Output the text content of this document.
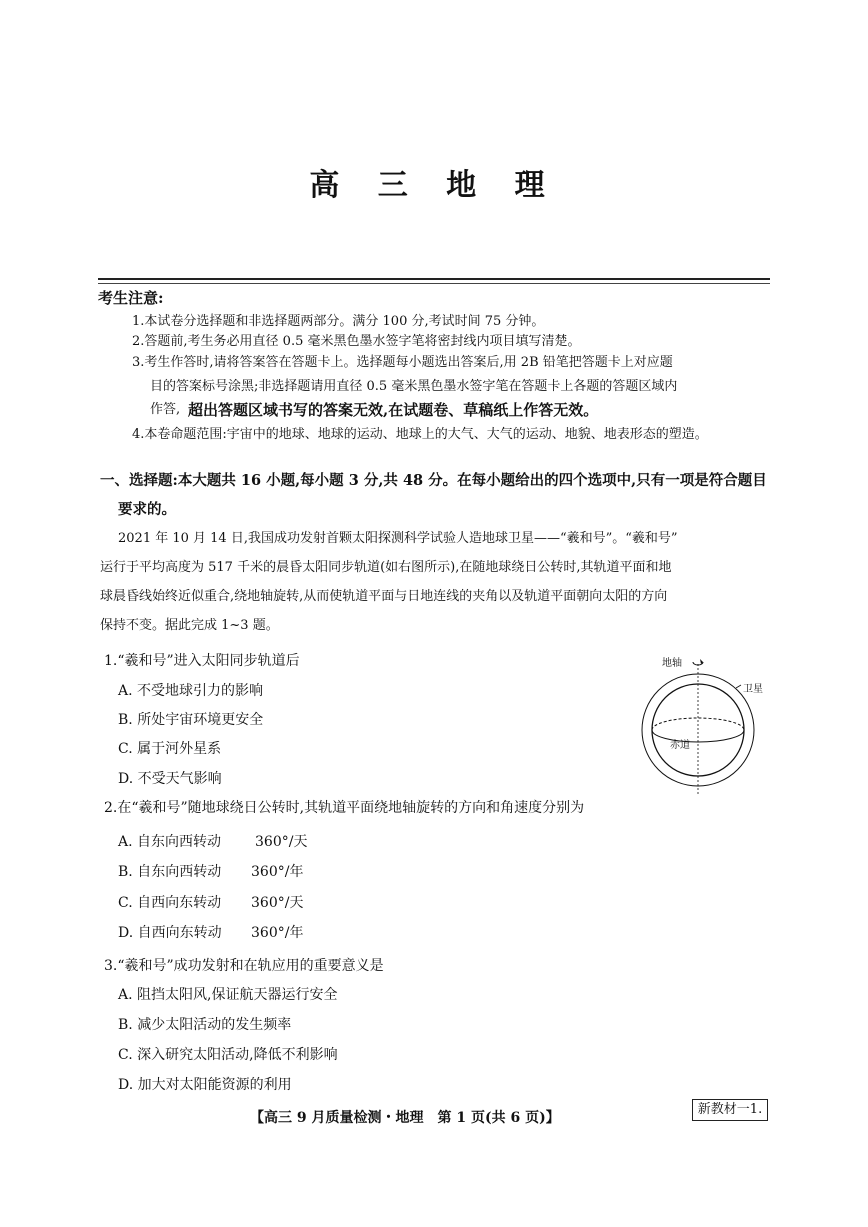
高 三 地 理
考生注意:
1.本试卷分选择题和非选择题两部分。满分 100 分,考试时间 75 分钟。
2.答题前,考生务必用直径 0.5 毫米黑色墨水签字笔将密封线内项目填写清楚。
3.考生作答时,请将答案答在答题卡上。选择题每小题选出答案后,用 2B 铅笔把答题卡上对应题
目的答案标号涂黑;非选择题请用直径 0.5 毫米黑色墨水签字笔在答题卡上各题的答题区域内
作答, 超出答题区域书写的答案无效,在试题卷、草稿纸上作答无效。
4.本卷命题范围:宇宙中的地球、地球的运动、地球上的大气、大气的运动、地貌、地表形态的塑造。
一、选择题:本大题共 16 小题,每小题 3 分,共 48 分。在每小题给出的四个选项中,只有一项是符合题目
要求的。
2021 年 10 月 14 日,我国成功发射首颗太阳探测科学试验人造地球卫星——“羲和号”。“羲和号”
运行于平均高度为 517 千米的晨昏太阳同步轨道(如右图所示),在随地球绕日公转时,其轨道平面和地
球晨昏线始终近似重合,绕地轴旋转,从而使轨道平面与日地连线的夹角以及轨道平面朝向太阳的方向
保持不变。据此完成 1~3 题。
地轴
卫星
赤道
1.“羲和号”进入太阳同步轨道后
A. 不受地球引力的影响
B. 所处宇宙环境更安全
C. 属于河外星系
D. 不受天气影响
2.在“羲和号”随地球绕日公转时,其轨道平面绕地轴旋转的方向和角速度分别为
A. 自东向西转动 360°/天
B. 自东向西转动 360°/年
C. 自西向东转动 360°/天
D. 自西向东转动 360°/年
3.“羲和号”成功发射和在轨应用的重要意义是
A. 阻挡太阳风,保证航天器运行安全
B. 减少太阳活动的发生频率
C. 深入研究太阳活动,降低不利影响
D. 加大对太阳能资源的利用
【高三 9 月质量检测・地理　第 1 页(共 6 页)】
新教材一1.
